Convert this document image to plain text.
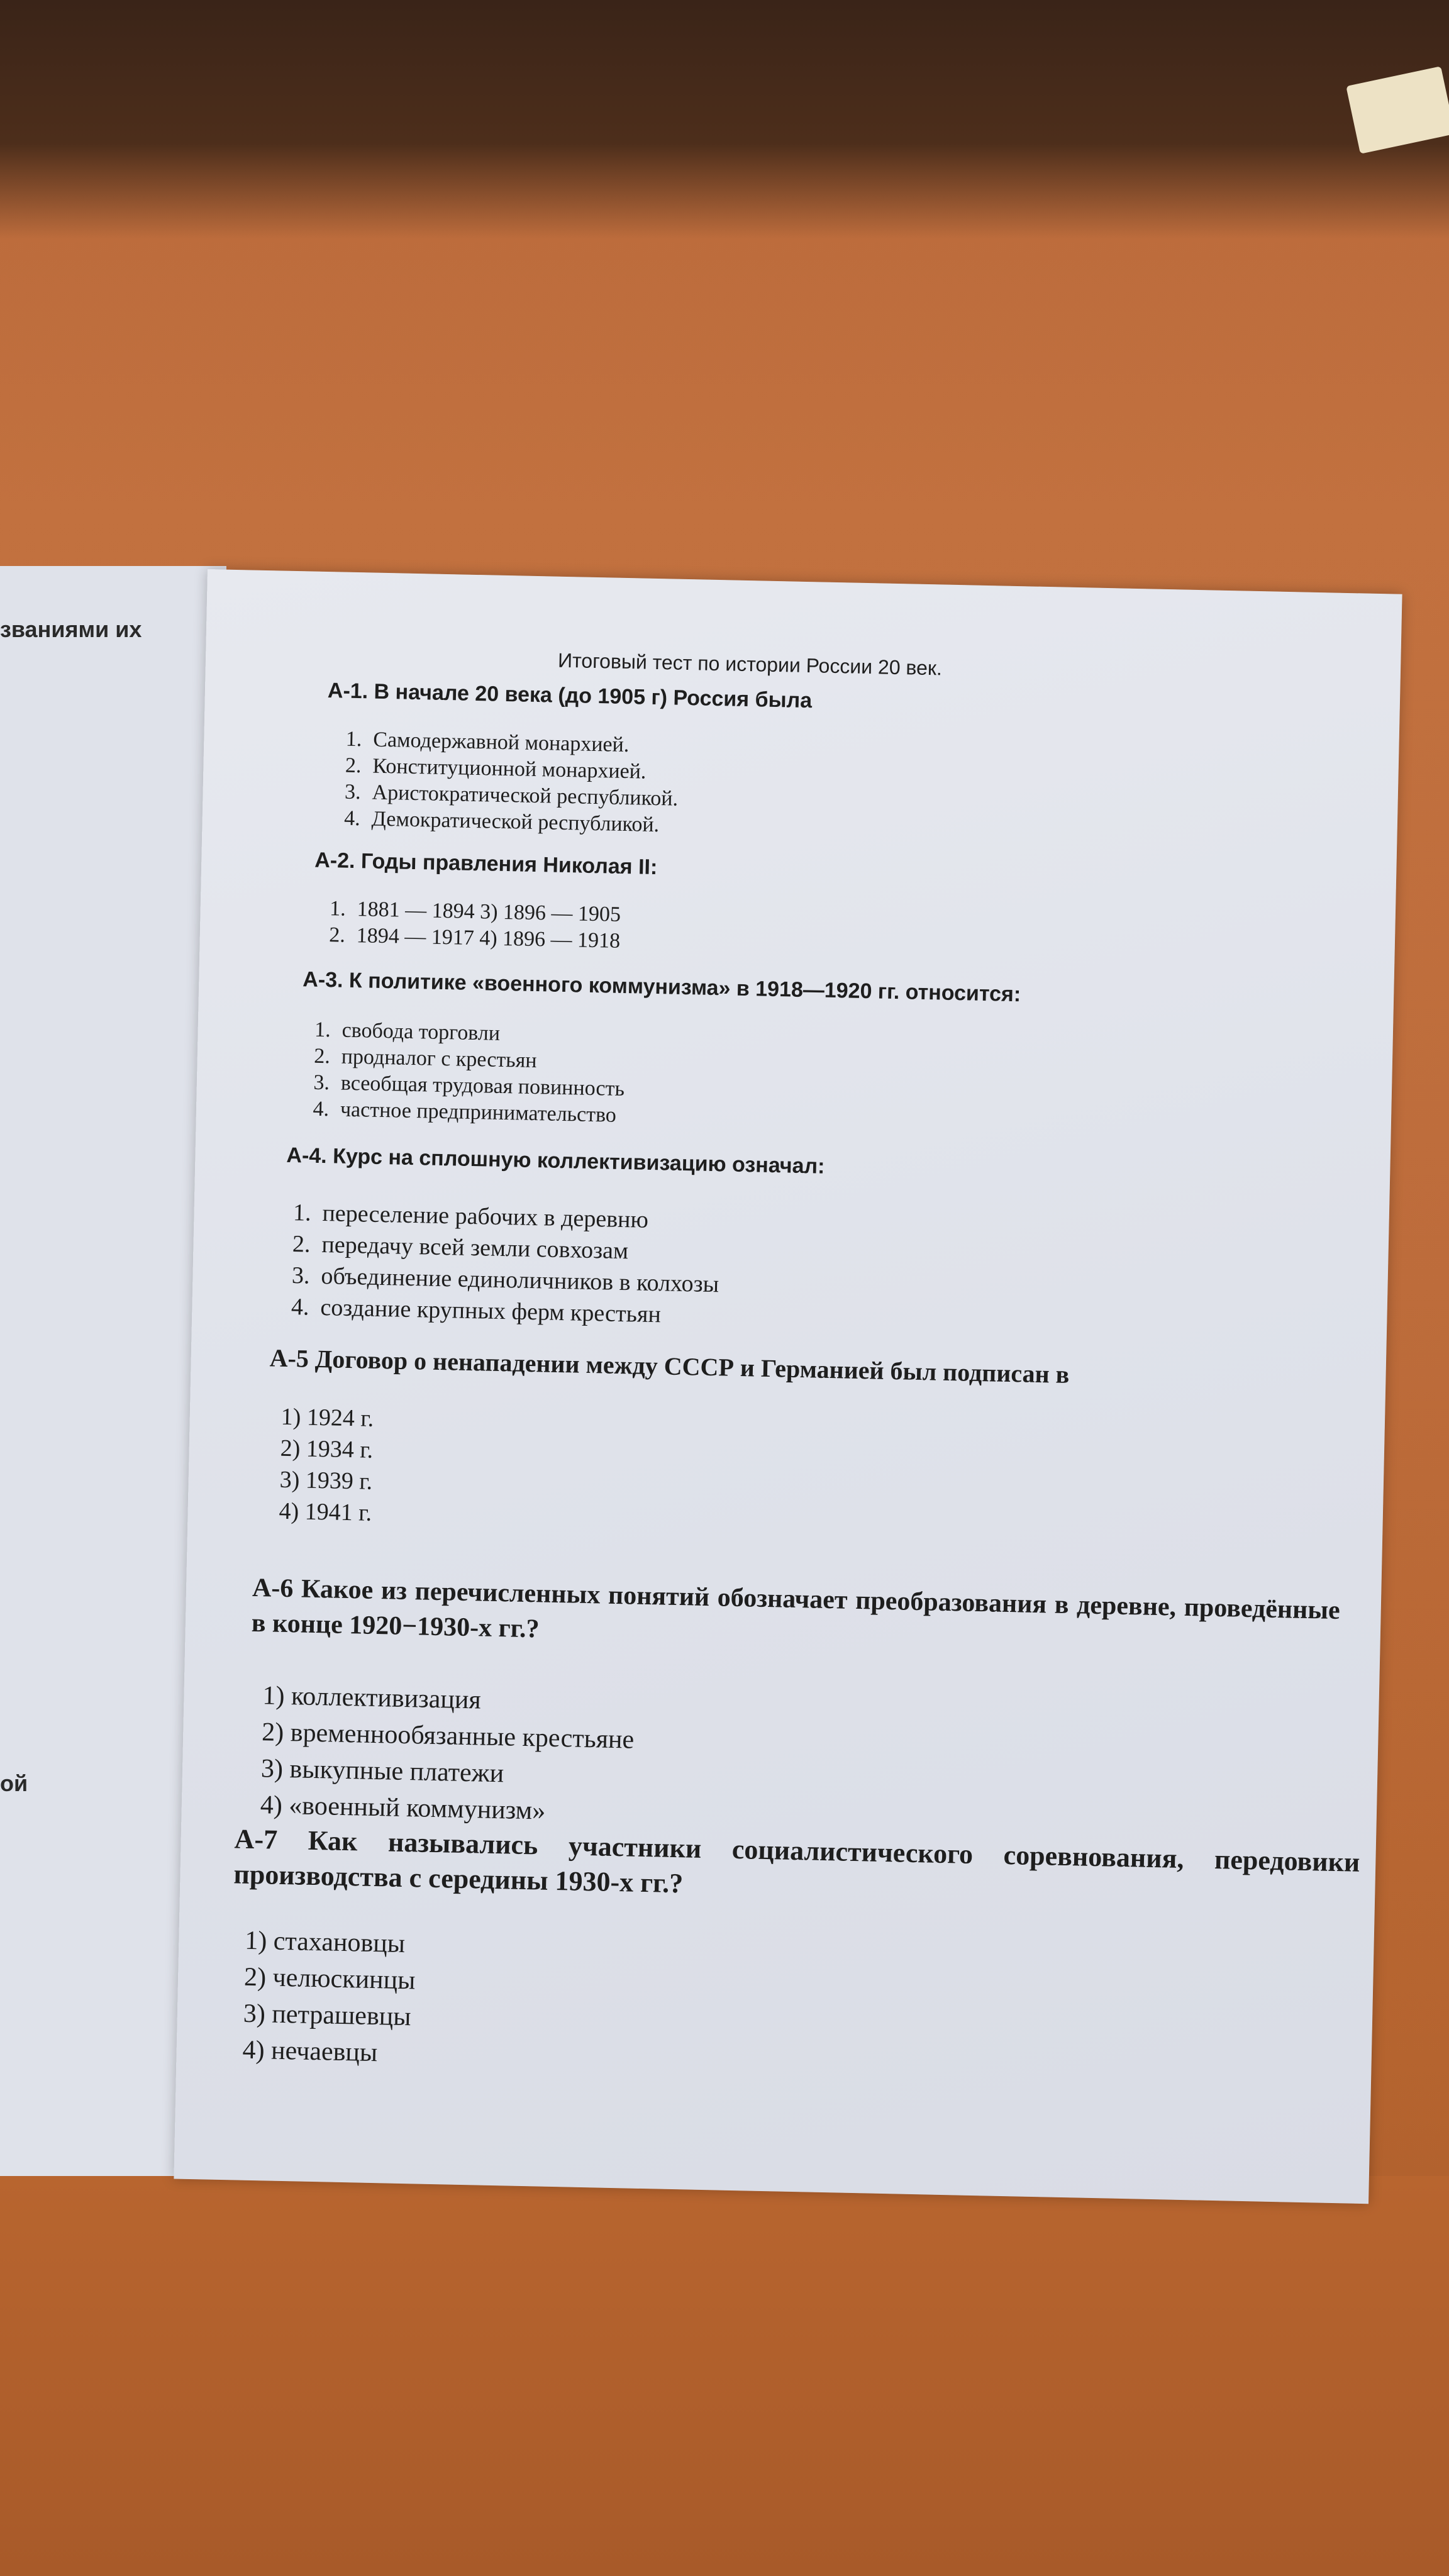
званиями их
ой
Итоговый тест по истории России 20 век.
А-1. В начале 20 века (до 1905 г) Россия была
1. Самодержавной монархией.
2. Конституционной монархией.
3. Аристократической республикой.
4. Демократической республикой.
А-2. Годы правления Николая II:
1. 1881 — 1894 3) 1896 — 1905
2. 1894 — 1917 4) 1896 — 1918
А-3. К политике «военного коммунизма» в 1918—1920 гг. относится:
1. свобода торговли
2. продналог с крестьян
3. всеобщая трудовая повинность
4. частное предпринимательство
А-4. Курс на сплошную коллективизацию означал:
1. переселение рабочих в деревню
2. передачу всей земли совхозам
3. объединение единоличников в колхозы
4. создание крупных ферм крестьян
А-5 Договор о ненападении между СССР и Германией был подписан в
1) 1924 г.
2) 1934 г.
3) 1939 г.
4) 1941 г.
А-6 Какое из перечисленных понятий обозначает преобразования в деревне, проведённые в конце 1920−1930-х гг.?
1) коллективизация
2) временнообязанные крестьяне
3) выкупные платежи
4) «военный коммунизм»
А-7 Как назывались участники социалистического соревнования, передовики производства с середины 1930-х гг.?
1) стахановцы
2) челюскинцы
3) петрашевцы
4) нечаевцы
